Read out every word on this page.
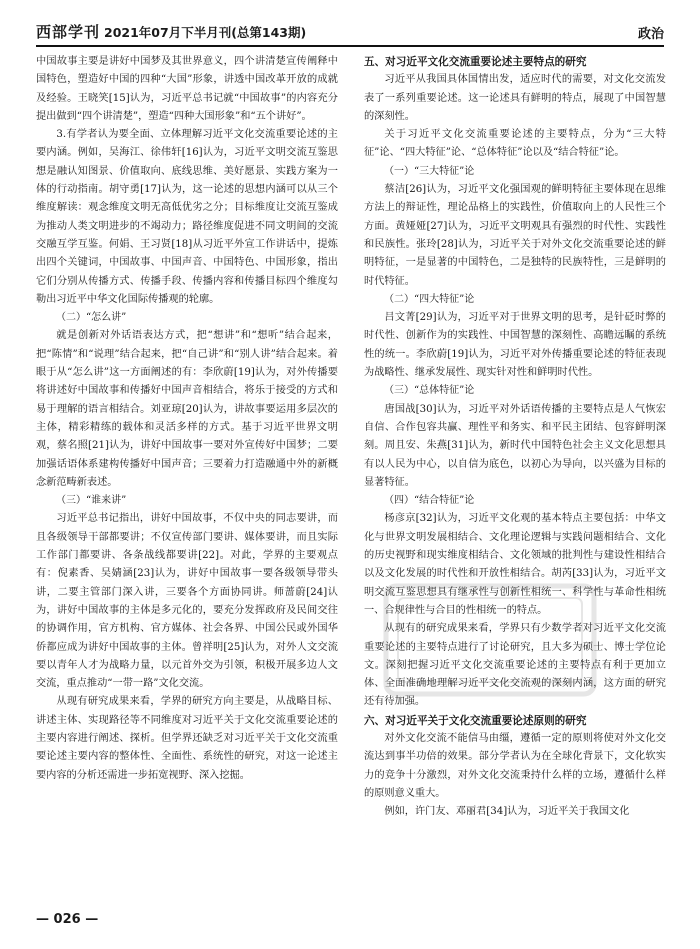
西部学刊 2021年07月下半月刊(总第143期)	政治

中国故事主要是讲好中国梦及其世界意义，四个讲清楚宣传阐释中国特色，塑造好中国的四种“大国”形象，讲透中国改革开放的成就及经验。王晓笑[15]认为，习近平总书记就“中国故事”的内容充分提出做到“四个讲清楚”，塑造“四种大国形象”和“五个讲好”。

3.有学者认为要全面、立体理解习近平文化交流重要论述的主要内涵。例如，吴海江、徐伟轩[16]认为，习近平文明交流互鉴思想是融认知图景、价值取向、底线思维、美好愿景、实践方案为一体的行动指南。胡守勇[17]认为，这一论述的思想内涵可以从三个维度解读：观念维度文明无高低优劣之分；目标维度让交流互鉴成为推动人类文明进步的不竭动力；路径维度促进不同文明间的交流交融互学互鉴。何娟、王习贤[18]从习近平外宣工作讲话中，提炼出四个关键词，中国故事、中国声音、中国特色、中国形象，指出它们分别从传播方式、传播手段、传播内容和传播目标四个维度勾勒出习近平中华文化国际传播观的轮廓。

（二）“怎么讲”

就是创新对外话语表达方式，把“想讲”和“想听”结合起来，把“陈情”和“说理”结合起来，把“自己讲”和“别人讲”结合起来。着眼于从“怎么讲”这一方面阐述的有：李欣蔚[19]认为，对外传播要将讲述好中国故事和传播好中国声音相结合，将乐于接受的方式和易于理解的语言相结合。刘亚琼[20]认为，讲故事要运用多层次的主体，精彩精练的载体和灵活多样的方式。基于习近平世界文明观，蔡名照[21]认为，讲好中国故事一要对外宣传好中国梦；二要加强话语体系建构传播好中国声音；三要着力打造融通中外的新概念新范畴新表述。

（三）“谁来讲”

习近平总书记指出，讲好中国故事，不仅中央的同志要讲，而且各级领导干部都要讲；不仅宣传部门要讲、媒体要讲，而且实际工作部门都要讲、各条战线都要讲[22]。对此，学界的主要观点有：倪素香、吴婧涵[23]认为，讲好中国故事一要各级领导带头讲，二要主管部门深入讲，三要各个方面协同讲。师蔷蔚[24]认为，讲好中国故事的主体是多元化的，要充分发挥政府及民间交往的协调作用，官方机构、官方媒体、社会各界、中国公民或外国华侨都应成为讲好中国故事的主体。曾祥明[25]认为，对外人文交流要以青年人才为战略力量，以元首外交为引领，积极开展多边人文交流，重点推动“一带一路”文化交流。

从现有研究成果来看，学界的研究方向主要是，从战略目标、讲述主体、实现路径等不同维度对习近平关于文化交流重要论述的主要内容进行阐述、探析。但学界还缺乏对习近平关于文化交流重要论述主要内容的整体性、全面性、系统性的研究，对这一论述主要内容的分析还需进一步拓宽视野、深入挖掘。

五、对习近平文化交流重要论述主要特点的研究

习近平从我国具体国情出发，适应时代的需要，对文化交流发表了一系列重要论述。这一论述具有鲜明的特点，展现了中国智慧的深刻性。

关于习近平文化交流重要论述的主要特点，分为“三大特征”论、“四大特征”论、“总体特征”论以及“结合特征”论。

（一）“三大特征”论

蔡洁[26]认为，习近平文化强国观的鲜明特征主要体现在思维方法上的辩证性，理论品格上的实践性，价值取向上的人民性三个方面。黄娅娅[27]认为，习近平文明观具有强烈的时代性、实践性和民族性。张玲[28]认为，习近平关于对外文化交流重要论述的鲜明特征，一是显著的中国特色，二是独特的民族特性，三是鲜明的时代特征。

（二）“四大特征”论

吕文菁[29]认为，习近平对于世界文明的思考，是针砭时弊的时代性、创新作为的实践性、中国智慧的深刻性、高瞻远瞩的系统性的统一。李欣蔚[19]认为，习近平对外传播重要论述的特征表现为战略性、继承发展性、现实针对性和鲜明时代性。

（三）“总体特征”论

唐国战[30]认为，习近平对外话语传播的主要特点是人气恢宏自信、合作包容共赢、理性平和务实、和平民主团结、包容鲜明深刻。周且安、朱燕[31]认为，新时代中国特色社会主义文化思想具有以人民为中心，以自信为底色，以初心为导向，以兴盛为目标的显著特征。

（四）“结合特征”论

杨彦京[32]认为，习近平文化观的基本特点主要包括：中华文化与世界文明发展相结合、文化理论逻辑与实践问题相结合、文化的历史视野和现实维度相结合、文化领域的批判性与建设性相结合以及文化发展的时代性和开放性相结合。胡芮[33]认为，习近平文明交流互鉴思想具有继承性与创新性相统一、科学性与革命性相统一、合规律性与合目的性相统一的特点。

从现有的研究成果来看，学界只有少数学者对习近平文化交流重要论述的主要特点进行了讨论研究，且大多为硕士、博士学位论文。深刻把握习近平文化交流重要论述的主要特点有利于更加立体、全面准确地理解习近平文化交流观的深刻内涵，这方面的研究还有待加强。

六、对习近平关于文化交流重要论述原则的研究

对外文化交流不能信马由缰，遵循一定的原则将使对外文化交流达到事半功倍的效果。部分学者认为在全球化背景下，文化软实力的竞争十分激烈，对外文化交流秉持什么样的立场，遵循什么样的原则意义重大。

例如，许门友、邓丽君[34]认为，习近平关于我国文化

— 026 —
